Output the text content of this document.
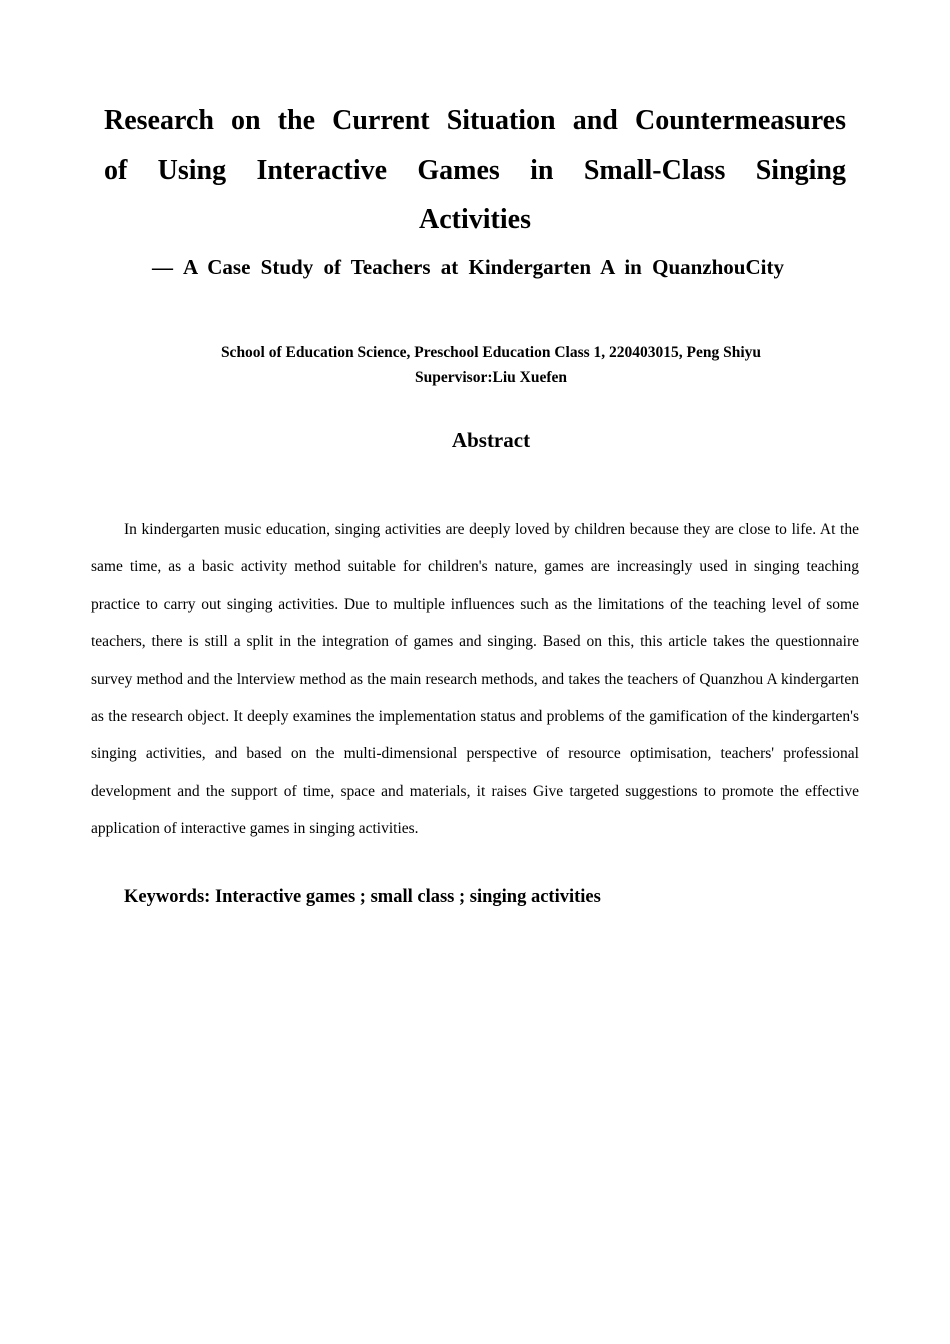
Research on the Current Situation and Countermeasures of Using Interactive Games in Small-Class Singing Activities

— A Case Study of Teachers at Kindergarten A in QuanzhouCity

School of Education Science, Preschool Education Class 1, 220403015, Peng Shiyu

Supervisor:Liu Xuefen

Abstract

In kindergarten music education, singing activities are deeply loved by children because they are close to life. At the same time, as a basic activity method suitable for children's nature, games are increasingly used in singing teaching practice to carry out singing activities. Due to multiple influences such as the limitations of the teaching level of some teachers, there is still a split in the integration of games and singing. Based on this, this article takes the questionnaire survey method and the lnterview method as the main research methods, and takes the teachers of Quanzhou A kindergarten as the research object. It deeply examines the implementation status and problems of the gamification of the kindergarten's singing activities, and based on the multi-dimensional perspective of resource optimisation, teachers' professional development and the support of time, space and materials, it raises Give targeted suggestions to promote the effective application of interactive games in singing activities.

Keywords: Interactive games ; small class ; singing activities
